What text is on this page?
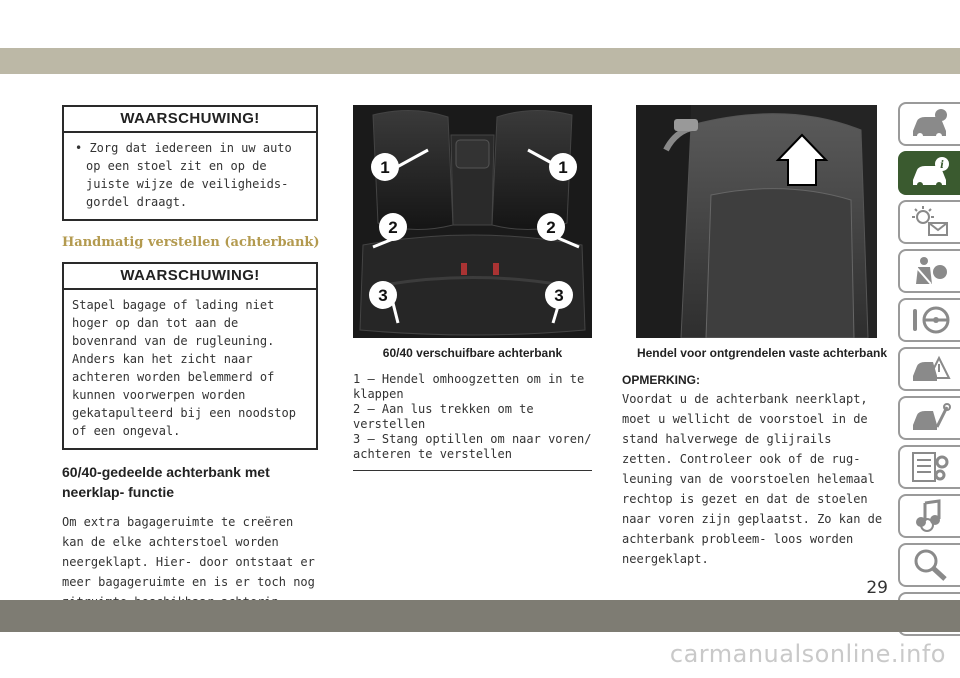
WAARSCHUWING!
• Zorg dat iedereen in uw auto op een stoel zit en op de juiste wijze de veiligheids- gordel draagt.
Handmatig verstellen (achterbank)
WAARSCHUWING!
Stapel bagage of lading niet hoger op dan tot aan de bovenrand van de rugleuning. Anders kan het zicht naar achteren worden belemmerd of kunnen voorwerpen worden gekatapulteerd bij een noodstop of een ongeval.
60/40-gedeelde achterbank met neerklap- functie
Om extra bagageruimte te creëren kan de elke achterstoel worden neergeklapt. Hier- door ontstaat er meer bagageruimte en is er toch nog
1	1
2	2
3	3
60/40 verschuifbare achterbank
1 — Hendel omhoogzetten om in te klappen
2 — Aan lus trekken om te verstellen
3 — Stang optillen om naar voren/ achteren te verstellen
Hendel voor ontgrendelen vaste achterbank
OPMERKING:
Voordat u de achterbank neerklapt, moet u wellicht de voorstoel in de stand halverwege de glijrails zetten. Controleer ook of de rug- leuning van de voorstoelen helemaal rechtop is gezet en dat de stoelen naar voren zijn geplaatst. Zo kan de achterbank probleem- loos worden neergeklapt.
i
29
carmanualsonline.info
